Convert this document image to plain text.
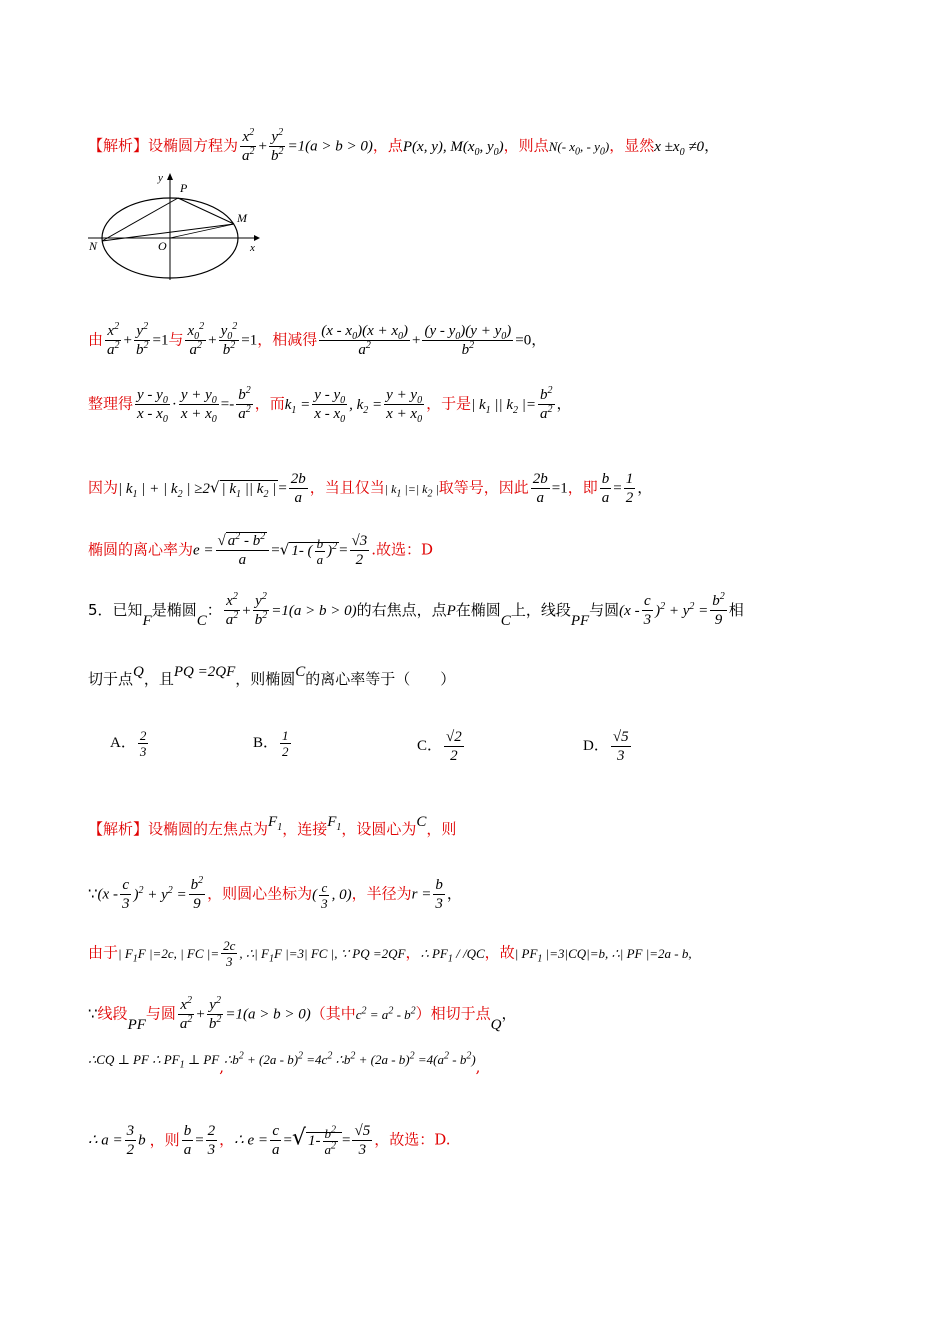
【解析】设椭圆方程为 $\frac{x^2}{a^2} + \frac{y^2}{b^2} =1(a > b > 0)$，点P(x, y), $M(x_0$, $y_0$)，则点N(- $x_0$, - $y_0$)，显然$x \pm x_0 \ne 0$，
y
P
M
N	O	x
由 $\frac{x^2}{a^2} + \frac{y^2}{b^2} =1$与 $\frac{x_0^2}{a^2} + \frac{y_0^2}{b^2} =1$，相减得 $\frac{(x - x_0)(x + x_0)}{a^2} + \frac{(y - y_0)(y + y_0)}{b^2} =0$，
整理得 $\frac{y - y_0}{x - x_0} \cdot \frac{y + y_0}{x + x_0} =- \frac{b^2}{a^2}$ ，而$k_1 = \frac{y - y_0}{x - x_0}$ , $k_2 = \frac{y + y_0}{x + x_0}$ ，于是| $k_1$ || $k_2$ |= $\frac{b^2}{a^2}$ ，
因为| $k_1$ | + | $k_2$ | ≥2√ | $k_1$ || $k_2$ | = $\frac{2b}{a}$ ，当且仅当| $k_1$ |=| $k_2$ |取等号，因此 $\frac{2b}{a} =1$，即 $\frac{b}{a} = \frac{1}{2}$ ，
椭圆的离心率为$e = \frac{√ a^2 - b^2}{a}$ =√ 1- ( $\frac{b}{a} )^2 = \frac{√3}{2}$ .故选：D
5．已知F是椭圆C： $\frac{x^2}{a^2} + \frac{y^2}{b^2} =1(a > b > 0)$的右焦点，点P在椭圆C上，线段PF与圆$(x - \frac{c}{3} )^2 + y^2 = \frac{b^2}{9}$ 相
切于点Q，且PQ =2QF，则椭圆C的离心率等于（　　）
A． $\frac{2}{3}$	B． $\frac{1}{2}$	C． $\frac{√2}{2}$	D． $\frac{√5}{3}$
【解析】设椭圆的左焦点为$F_1$，连接$F_1$，设圆心为C，则
∵(x - $\frac{c}{3} )^2 + y^2 = \frac{b^2}{9}$ ，则圆心坐标为( $\frac{c}{3}$ , 0)，半径为$r = \frac{b}{3}$ ，
由于| $F_1F$ |=2c, | FC |= $\frac{2c}{3}$ , ∴| $F_1F$ |=3| FC |, ∵ PQ =2QF，∴ $PF_1 / /QC$，故| $PF_1$ |=3|CQ|=b, ∴| PF |=2a - b,
∵线段PF与圆 $\frac{x^2}{a^2} + \frac{y^2}{b^2} =1(a > b > 0)$（其中$c^2 = a^2 - b^2$）相切于点Q，
∴CQ ⊥ PF ∴ $PF_1$ ⊥ $PF,\therefore b^2 + (2a - b)^2 =4c^2$ $\therefore b^2 + (2a - b)^2 =4(a^2 - b^2)$,
∴ $a = \frac{3}{2}$ b ，则 $\frac{b}{a} = \frac{2}{3}$ ，∴ $e = \frac{c}{a}$ =√ $1- \frac{b^2}{a^2} = \frac{√5}{3}$ ，故选：D.
